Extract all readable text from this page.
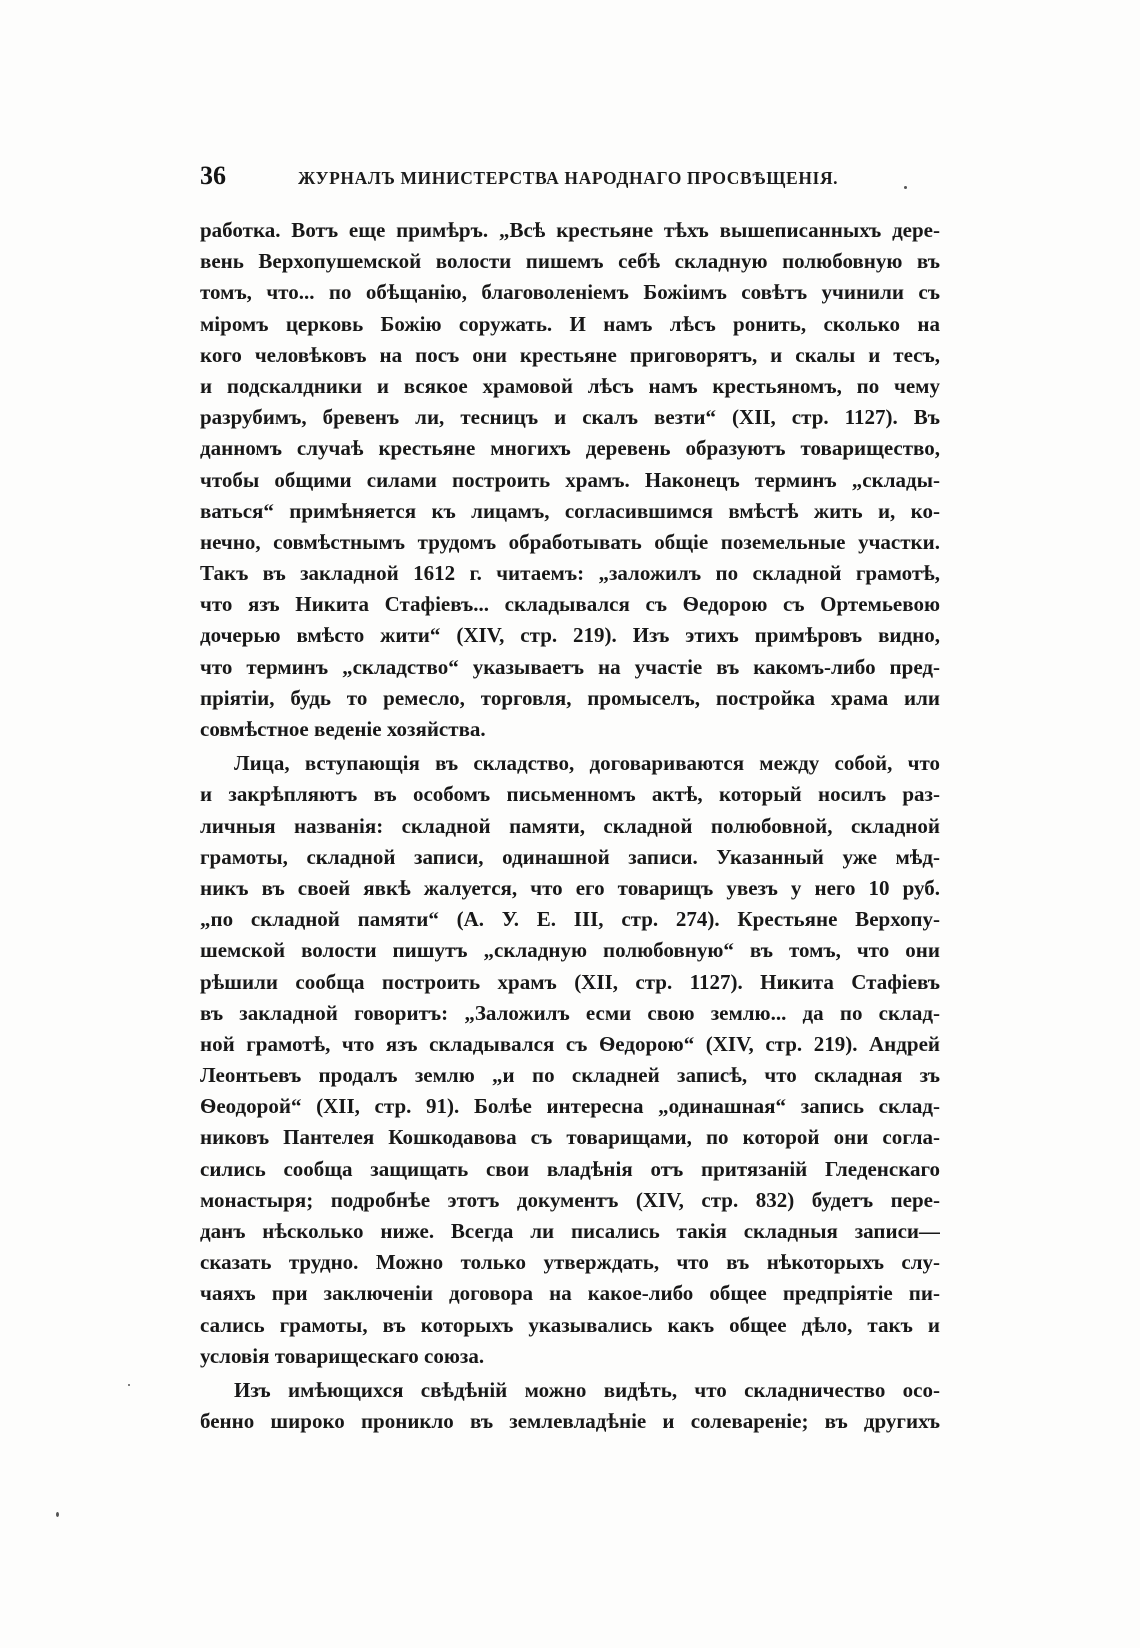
36	ЖУРНАЛЪ МИНИСТЕРСТВА НАРОДНАГО ПРОСВѢЩЕНІЯ.
работка. Вотъ еще примѣръ. „Всѣ крестьяне тѣхъ вышеписанныхъ дере-
вень Верхопушемской волости пишемъ себѣ складную полюбовную въ
томъ, что... по обѣщанію, благоволеніемъ Божіимъ совѣтъ учинили съ
міромъ церковь Божію соружать. И намъ лѣсъ ронить, сколько на
кого человѣковъ на посъ они крестьяне приговорятъ, и скалы и тесъ,
и подскалдники и всякое храмовой лѣсъ намъ крестьяномъ, по чему
разрубимъ, бревенъ ли, тесницъ и скалъ везти“ (XII, стр. 1127). Въ
данномъ случаѣ крестьяне многихъ деревень образуютъ товарищество,
чтобы общими силами построить храмъ. Наконецъ терминъ „склады-
ваться“ примѣняется къ лицамъ, согласившимся вмѣстѣ жить и, ко-
нечно, совмѣстнымъ трудомъ обработывать общіе поземельные участки.
Такъ въ закладной 1612 г. читаемъ: „заложилъ по складной грамотѣ,
что язъ Никита Стафіевъ... складывался съ Ѳедорою съ Ортемьевою
дочерью вмѣсто жити“ (XIV, стр. 219). Изъ этихъ примѣровъ видно,
что терминъ „складство“ указываетъ на участіе въ какомъ-либо пред-
пріятіи, будь то ремесло, торговля, промыселъ, постройка храма или
совмѣстное веденіе хозяйства.
Лица, вступающія въ складство, договариваются между собой, что
и закрѣпляютъ въ особомъ письменномъ актѣ, который носилъ раз-
личныя названія: складной памяти, складной полюбовной, складной
грамоты, складной записи, одинашной записи. Указанный уже мѣд-
никъ въ своей явкѣ жалуется, что его товарищъ увезъ у него 10 руб.
„по складной памяти“ (А. У. Е. III, стр. 274). Крестьяне Верхопу-
шемской волости пишутъ „складную полюбовную“ въ томъ, что они
рѣшили сообща построить храмъ (XII, стр. 1127). Никита Стафіевъ
въ закладной говоритъ: „Заложилъ есми свою землю... да по склад-
ной грамотѣ, что язъ складывался съ Ѳедорою“ (XIV, стр. 219). Андрей
Леонтьевъ продалъ землю „и по складней записѣ, что складная зъ
Ѳеодорой“ (XII, стр. 91). Болѣе интересна „одинашная“ запись склад-
никовъ Пантелея Кошкодавова съ товарищами, по которой они согла-
сились сообща защищать свои владѣнія отъ притязаній Гледенскаго
монастыря; подробнѣе этотъ документъ (XIV, стр. 832) будетъ пере-
данъ нѣсколько ниже. Всегда ли писались такія складныя записи—
сказать трудно. Можно только утверждать, что въ нѣкоторыхъ слу-
чаяхъ при заключеніи договора на какое-либо общее предпріятіе пи-
сались грамоты, въ которыхъ указывались какъ общее дѣло, такъ и
условія товарищескаго союза.
Изъ имѣющихся свѣдѣній можно видѣть, что складничество осо-
бенно широко проникло въ землевладѣніе и солевареніе; въ другихъ
